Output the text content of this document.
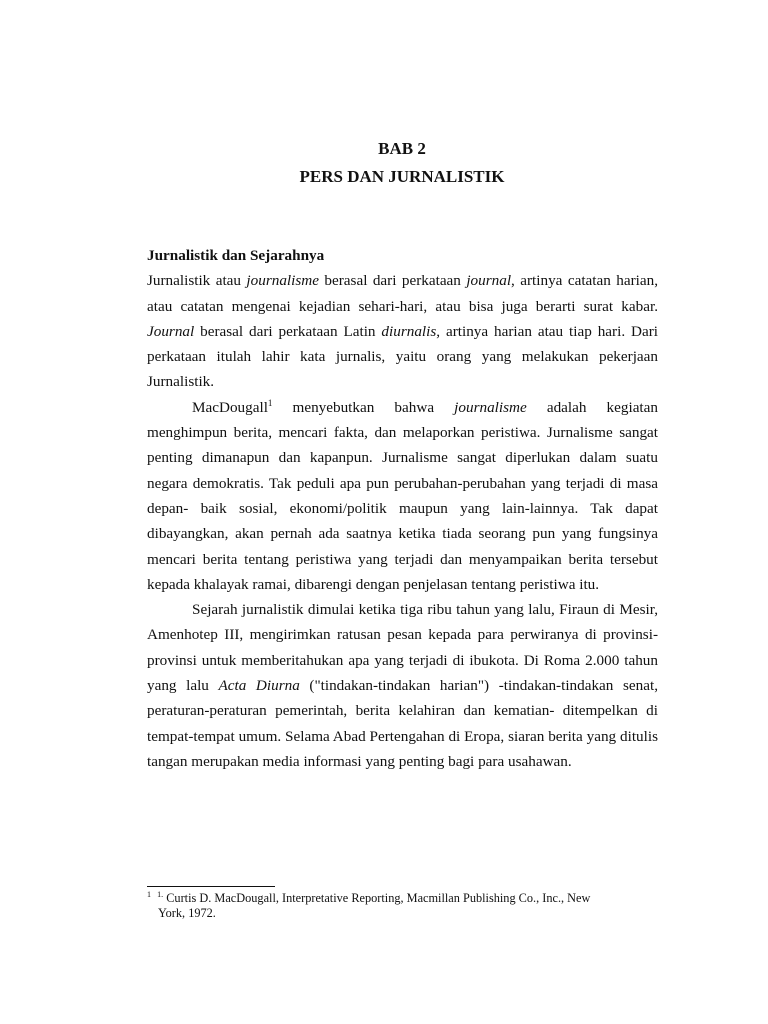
BAB 2
PERS DAN JURNALISTIK
Jurnalistik dan Sejarahnya

Jurnalistik atau journalisme berasal dari perkataan journal, artinya catatan harian, atau catatan mengenai kejadian sehari-hari, atau bisa juga berarti surat kabar. Journal berasal dari perkataan Latin diurnalis, artinya harian atau tiap hari. Dari perkataan itulah lahir kata jurnalis, yaitu orang yang melakukan pekerjaan Jurnalistik.

MacDougall$^1$ menyebutkan bahwa journalisme adalah kegiatan menghimpun berita, mencari fakta, dan melaporkan peristiwa. Jurnalisme sangat penting dimanapun dan kapanpun. Jurnalisme sangat diperlukan dalam suatu negara demokratis. Tak peduli apa pun perubahan-perubahan yang terjadi di masa depan- baik sosial, ekonomi/politik maupun yang lain-lainnya. Tak dapat dibayangkan, akan pernah ada saatnya ketika tiada seorang pun yang fungsinya mencari berita tentang peristiwa yang terjadi dan menyampaikan berita tersebut kepada khalayak ramai, dibarengi dengan penjelasan tentang peristiwa itu.

Sejarah jurnalistik dimulai ketika tiga ribu tahun yang lalu, Firaun di Mesir, Amenhotep III, mengirimkan ratusan pesan kepada para perwiranya di provinsi-provinsi untuk memberitahukan apa yang terjadi di ibukota. Di Roma 2.000 tahun yang lalu Acta Diurna ("tindakan-tindakan harian") -tindakan-tindakan senat, peraturan-peraturan pemerintah, berita kelahiran dan kematian- ditempelkan di tempat-tempat umum. Selama Abad Pertengahan di Eropa, siaran berita yang ditulis tangan merupakan media informasi yang penting bagi para usahawan.

$^1$ $^{1.}$ Curtis D. MacDougall, Interpretative Reporting, Macmillan Publishing Co., Inc., New
York, 1972.
